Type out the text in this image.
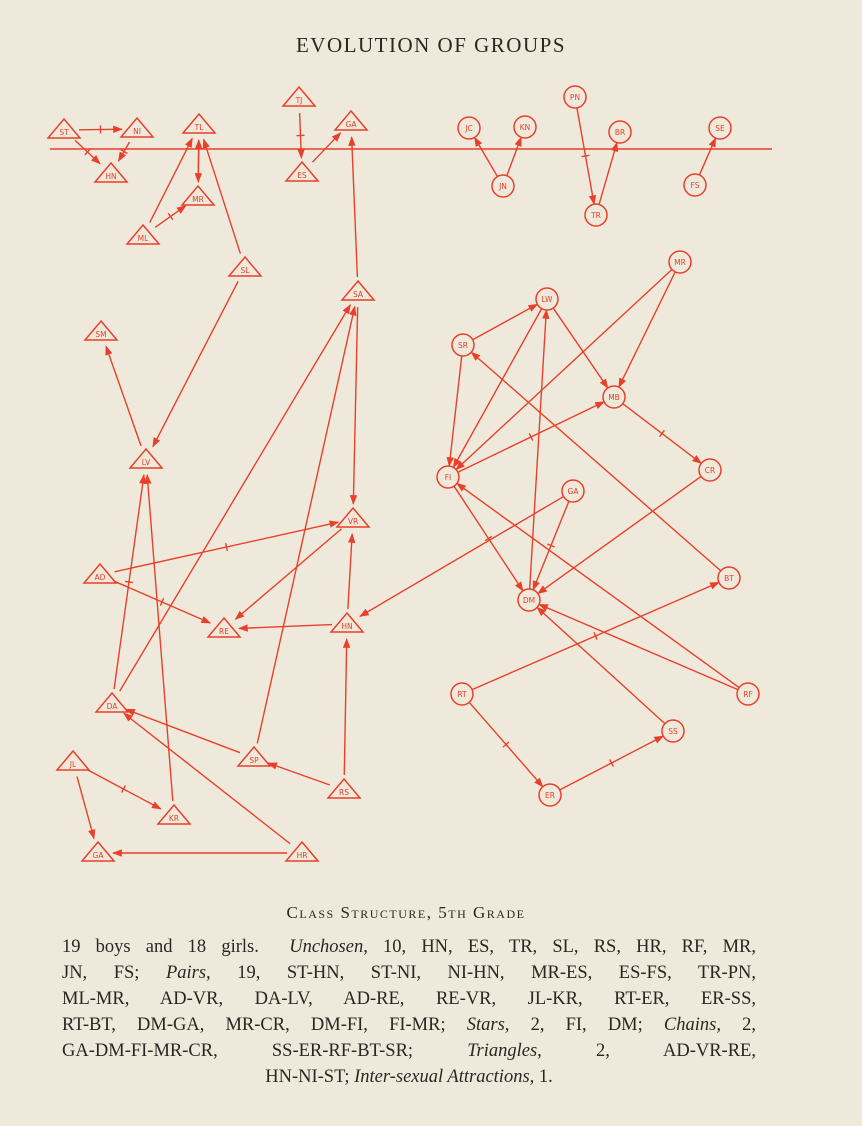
EVOLUTION OF GROUPS
ST	NI
HN
TL
MR
ML
TJ
ES
GA
SL
SA
SM
LV
VR
AD
RE
HN
DA
SP
RS
JL
KR
GA	HR
JC	KN
JN
PN
BR
TR
SE
FS
MR
LW
SR
MB
CR
FI
GA
BT
DM
RT	RF
SS
ER
Class Structure, 5th Grade
19 boys and 18 girls.  Unchosen, 10, HN, ES, TR, SL, RS, HR, RF, MR,
JN, FS; Pairs, 19, ST-HN, ST-NI, NI-HN, MR-ES, ES-FS, TR-PN,
ML-MR, AD-VR, DA-LV, AD-RE, RE-VR, JL-KR, RT-ER, ER-SS,
RT-BT, DM-GA, MR-CR, DM-FI, FI-MR; Stars, 2, FI, DM; Chains, 2,
GA-DM-FI-MR-CR, SS-ER-RF-BT-SR; Triangles, 2, AD-VR-RE,
HN-NI-ST; Inter-sexual Attractions, 1.
